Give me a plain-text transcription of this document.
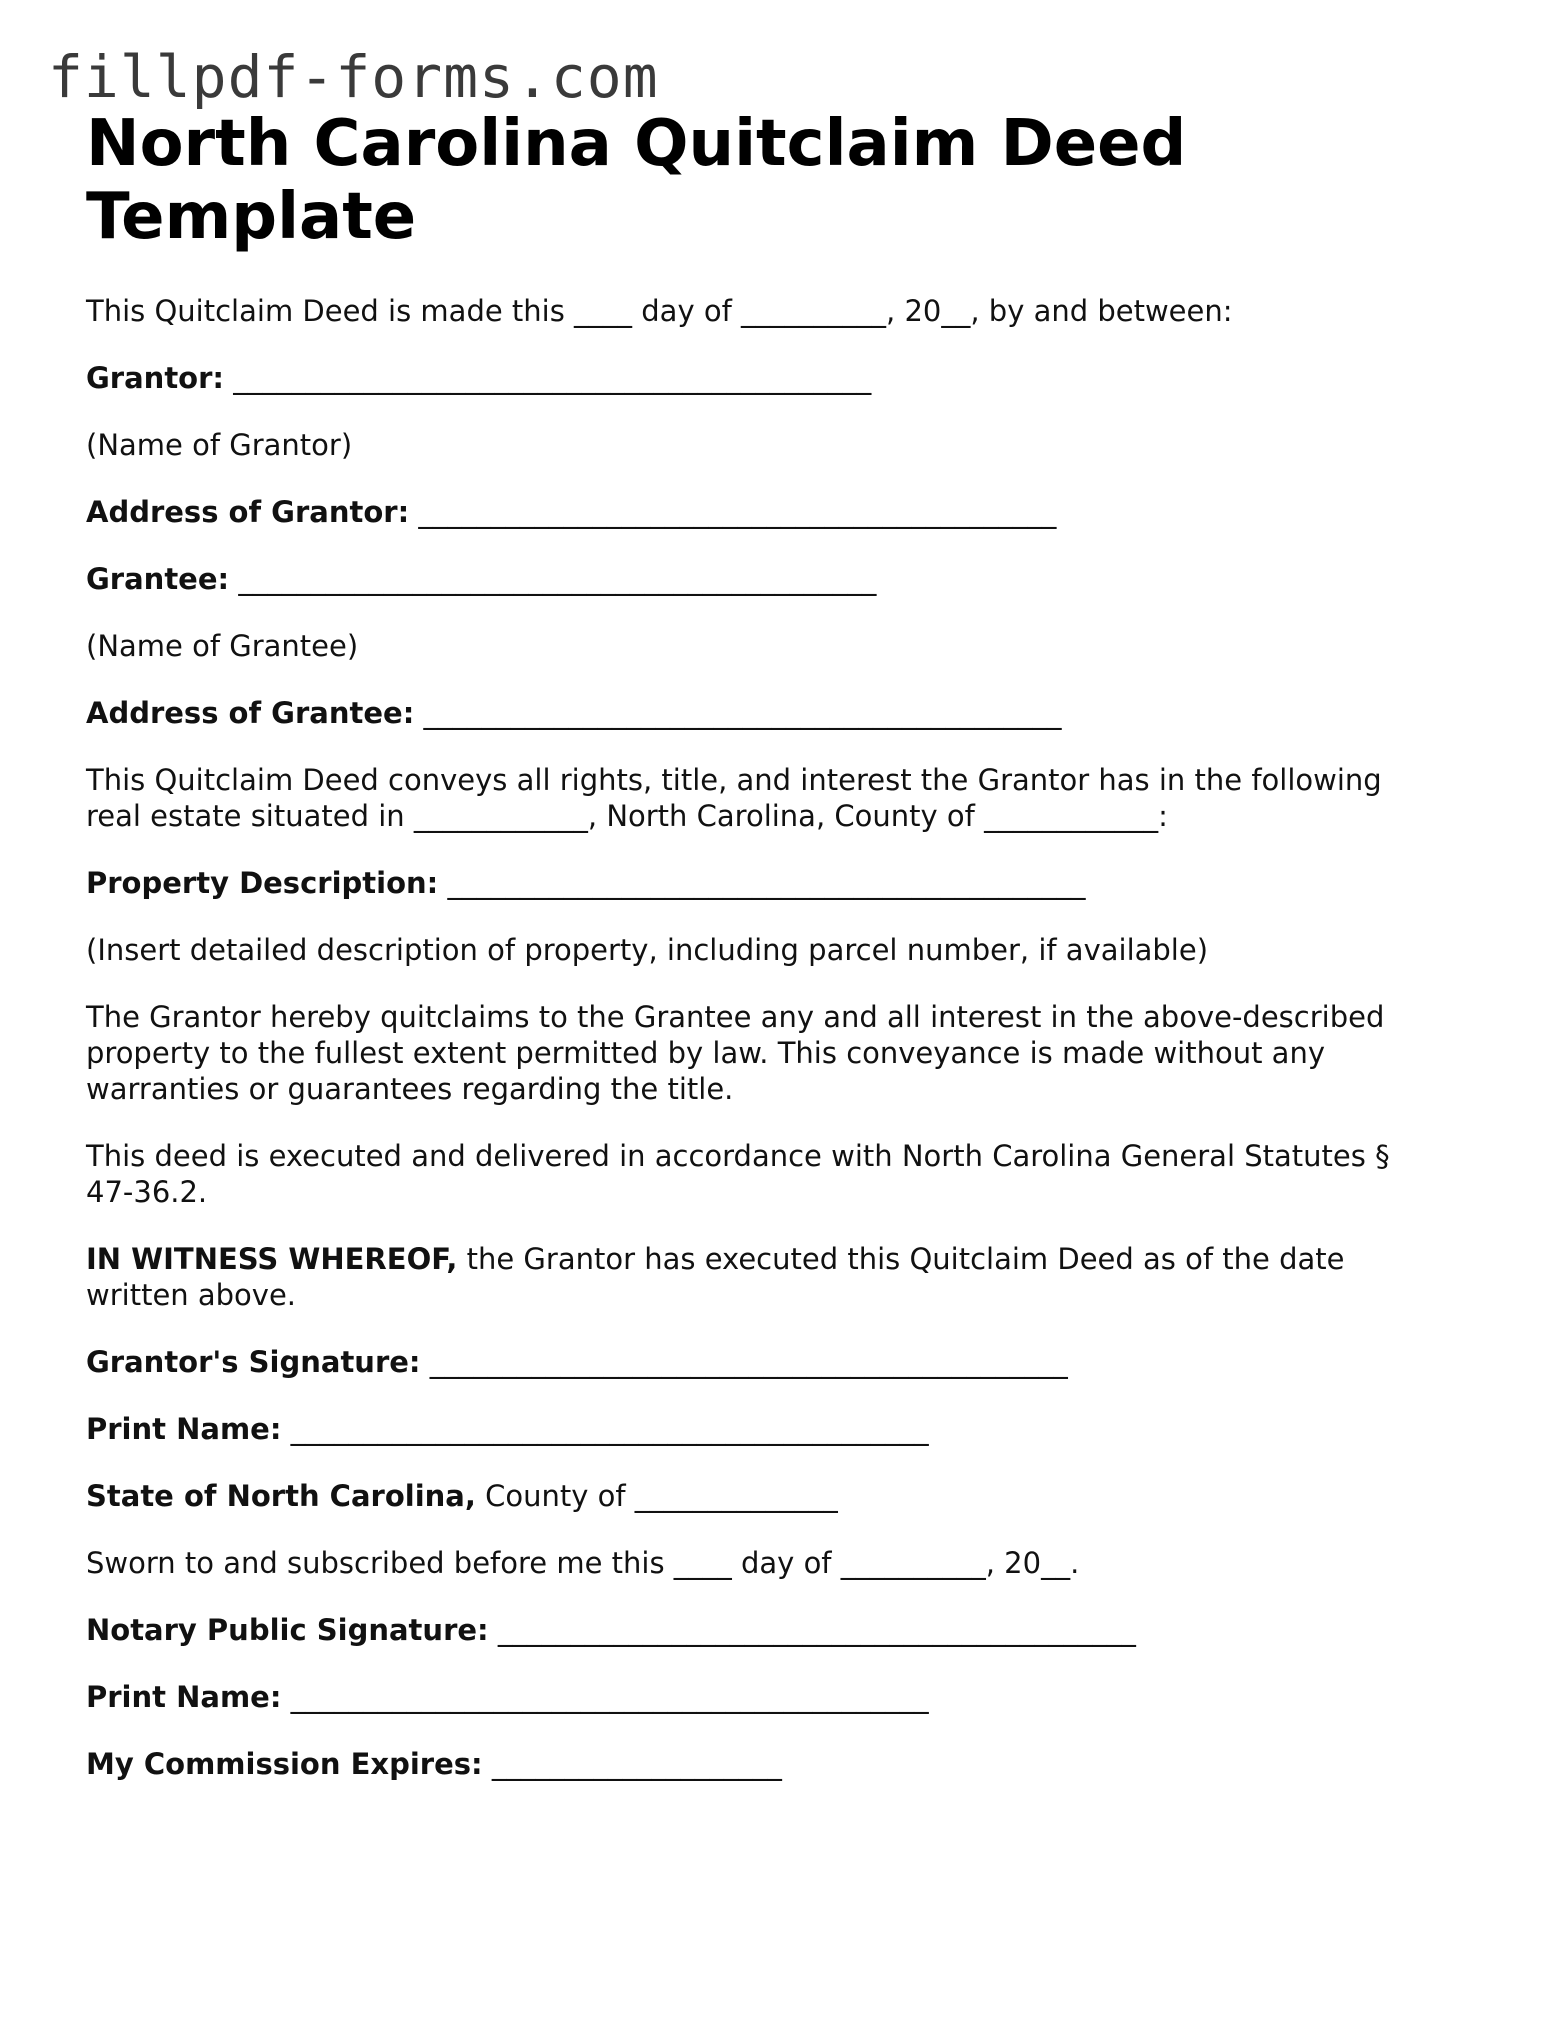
fillpdf-forms.com
North Carolina Quitclaim Deed
Template

This Quitclaim Deed is made this ____ day of __________, 20__, by and between:

Grantor: ____________________________________________

(Name of Grantor)

Address of Grantor: ____________________________________________

Grantee: ____________________________________________

(Name of Grantee)

Address of Grantee: ____________________________________________

This Quitclaim Deed conveys all rights, title, and interest the Grantor has in the following
real estate situated in ____________, North Carolina, County of ____________:

Property Description: ____________________________________________

(Insert detailed description of property, including parcel number, if available)

The Grantor hereby quitclaims to the Grantee any and all interest in the above-described
property to the fullest extent permitted by law. This conveyance is made without any
warranties or guarantees regarding the title.

This deed is executed and delivered in accordance with North Carolina General Statutes §
47-36.2.

IN WITNESS WHEREOF, the Grantor has executed this Quitclaim Deed as of the date
written above.

Grantor's Signature: ____________________________________________

Print Name: ____________________________________________

State of North Carolina, County of ______________

Sworn to and subscribed before me this ____ day of __________, 20__.

Notary Public Signature: ____________________________________________

Print Name: ____________________________________________

My Commission Expires: ____________________
